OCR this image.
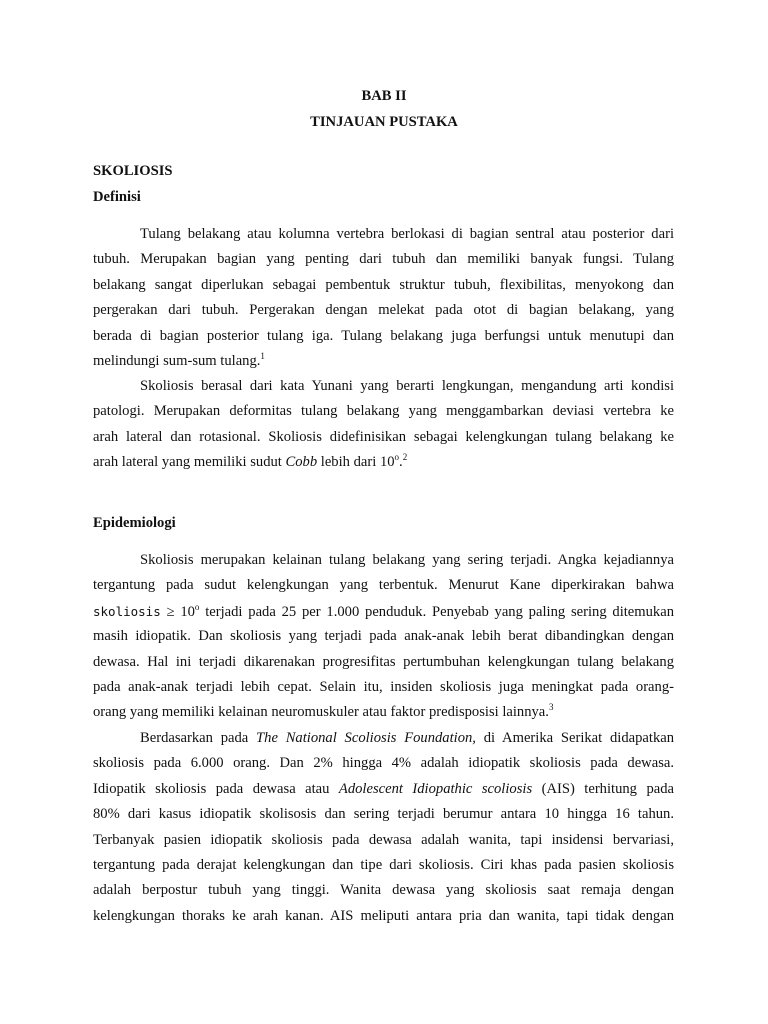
BAB II
TINJAUAN PUSTAKA
SKOLIOSIS
Definisi
Tulang belakang atau kolumna vertebra berlokasi di bagian sentral atau posterior dari
tubuh. Merupakan bagian yang penting dari tubuh dan memiliki banyak fungsi. Tulang
belakang sangat diperlukan sebagai pembentuk struktur tubuh, flexibilitas, menyokong dan
pergerakan dari tubuh. Pergerakan dengan melekat pada otot di bagian belakang, yang
berada di bagian posterior tulang iga. Tulang belakang juga berfungsi untuk menutupi dan
melindungi sum-sum tulang.$^1$
Skoliosis berasal dari kata Yunani yang berarti lengkungan, mengandung arti kondisi
patologi. Merupakan deformitas tulang belakang yang menggambarkan deviasi vertebra ke
arah lateral dan rotasional. Skoliosis didefinisikan sebagai kelengkungan tulang belakang ke
arah lateral yang memiliki sudut Cobb lebih dari 10$^o$.$^2$
Epidemiologi
Skoliosis merupakan kelainan tulang belakang yang sering terjadi. Angka kejadiannya
tergantung pada sudut kelengkungan yang terbentuk. Menurut Kane diperkirakan bahwa
skoliosis ≥ $10^o$ terjadi pada 25 per 1.000 penduduk. Penyebab yang paling sering ditemukan
masih idiopatik. Dan skoliosis yang terjadi pada anak-anak lebih berat dibandingkan dengan
dewasa. Hal ini terjadi dikarenakan progresifitas pertumbuhan kelengkungan tulang belakang
pada anak-anak terjadi lebih cepat. Selain itu, insiden skoliosis juga meningkat pada orang-
orang yang memiliki kelainan neuromuskuler atau faktor predisposisi lainnya.$^3$
Berdasarkan pada The National Scoliosis Foundation, di Amerika Serikat didapatkan
skoliosis pada 6.000 orang. Dan 2% hingga 4% adalah idiopatik skoliosis pada dewasa.
Idiopatik skoliosis pada dewasa atau Adolescent Idiopathic scoliosis (AIS) terhitung pada
80% dari kasus idiopatik skolisosis dan sering terjadi berumur antara 10 hingga 16 tahun.
Terbanyak pasien idiopatik skoliosis pada dewasa adalah wanita, tapi insidensi bervariasi,
tergantung pada derajat kelengkungan dan tipe dari skoliosis. Ciri khas pada pasien skoliosis
adalah berpostur tubuh yang tinggi. Wanita dewasa yang skoliosis saat remaja dengan
kelengkungan thoraks ke arah kanan. AIS meliputi antara pria dan wanita, tapi tidak dengan
